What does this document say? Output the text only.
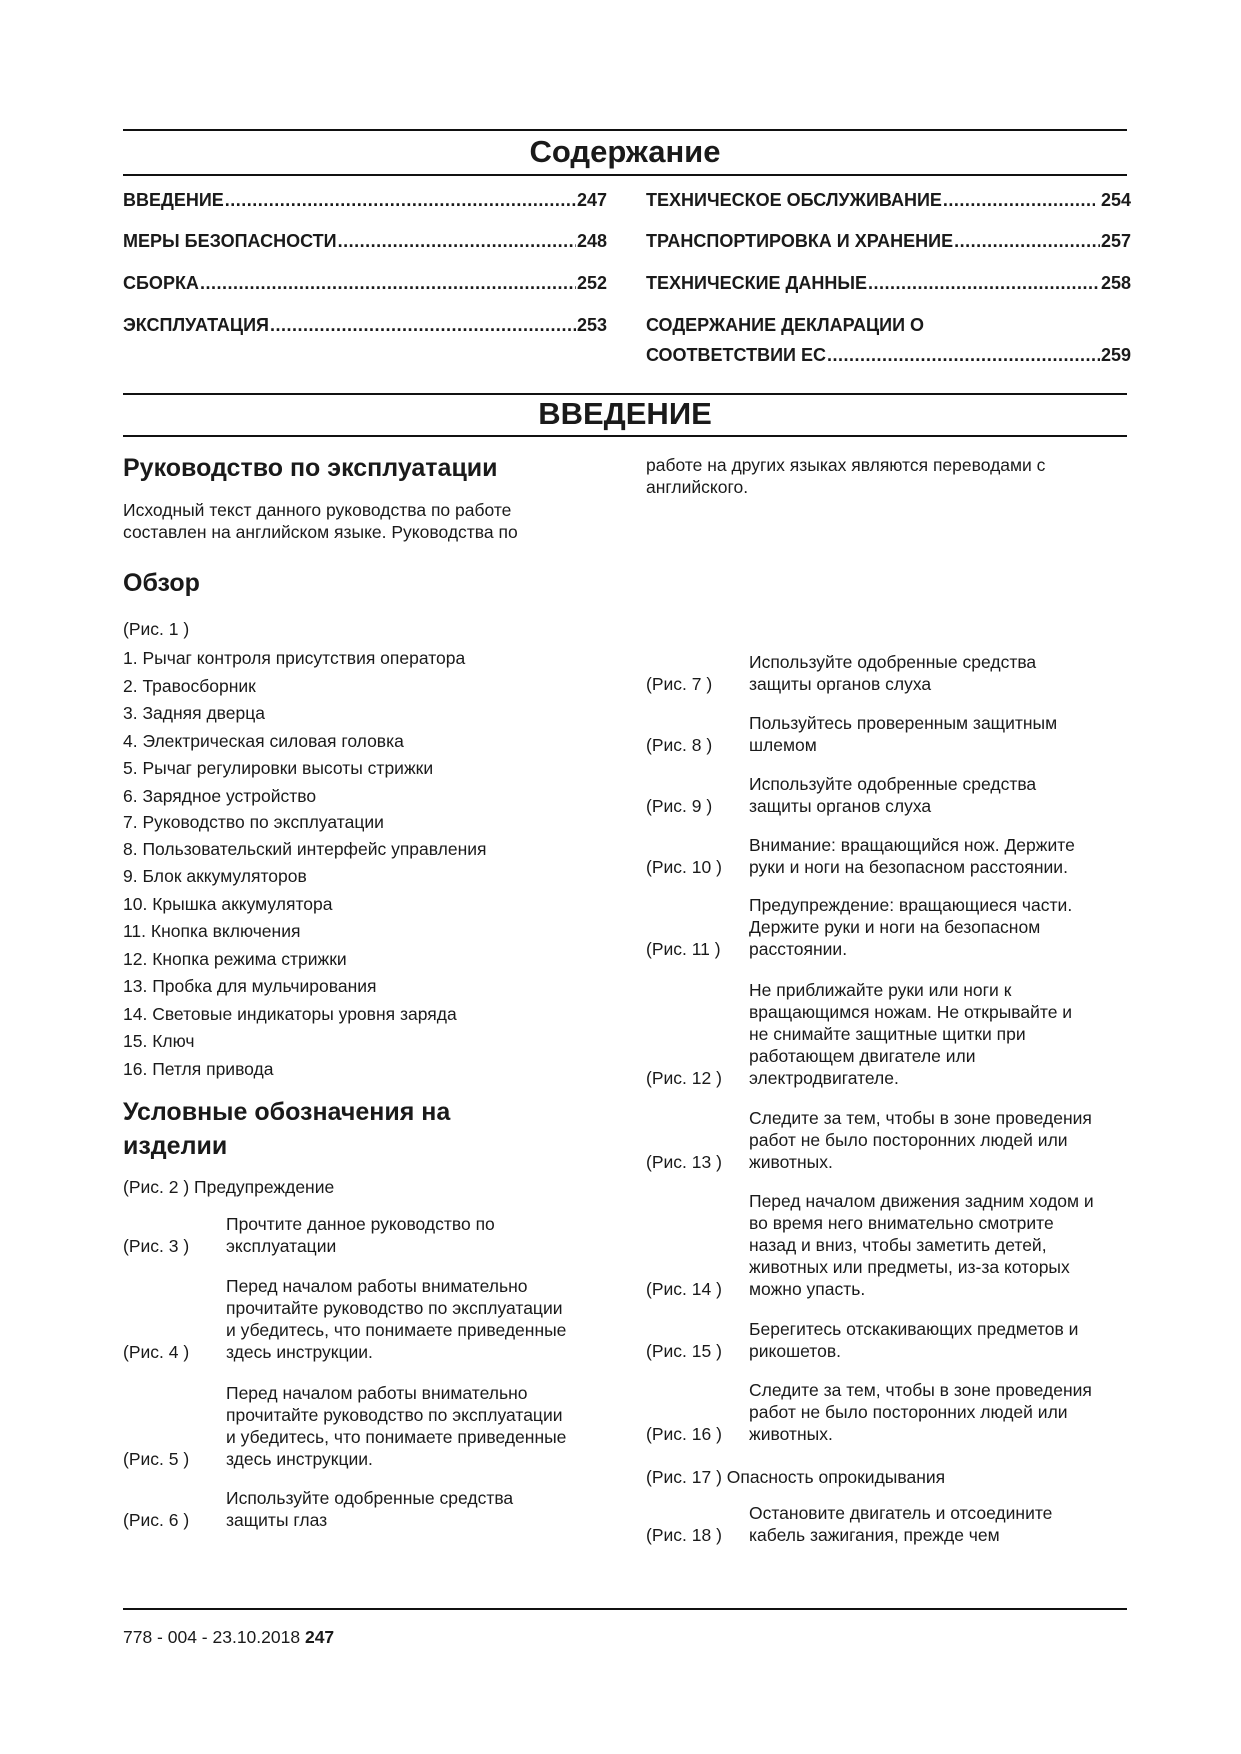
Содержание
ВВЕДЕНИЕ .....	247
МЕРЫ БЕЗОПАСНОСТИ .....	248
СБОРКА .....	252
ЭКСПЛУАТАЦИЯ .....	253
ТЕХНИЧЕСКОЕ ОБСЛУЖИВАНИЕ .....	254
ТРАНСПОРТИРОВКА И ХРАНЕНИЕ .....	257
ТЕХНИЧЕСКИЕ ДАННЫЕ .....	258
СОДЕРЖАНИЕ ДЕКЛАРАЦИИ О
СООТВЕТСТВИИ ЕС .....	259
ВВЕДЕНИЕ
Руководство по эксплуатации
Исходный текст данного руководства по работе
составлен на английском языке. Руководства по
работе на других языках являются переводами с
английского.
Обзор
(Рис. 1 )
1. Рычаг контроля присутствия оператора
2. Травосборник
3. Задняя дверца
4. Электрическая силовая головка
5. Рычаг регулировки высоты стрижки
6. Зарядное устройство
7. Руководство по эксплуатации
8. Пользовательский интерфейс управления
9. Блок аккумуляторов
10. Крышка аккумулятора
11. Кнопка включения
12. Кнопка режима стрижки
13. Пробка для мульчирования
14. Световые индикаторы уровня заряда
15. Ключ
16. Петля привода
Условные обозначения на
изделии
(Рис. 2 ) Предупреждение
(Рис. 3 )
Прочтите данное руководство по
эксплуатации
(Рис. 4 )
Перед началом работы внимательно
прочитайте руководство по эксплуатации
и убедитесь, что понимаете приведенные
здесь инструкции.
(Рис. 5 )
Перед началом работы внимательно
прочитайте руководство по эксплуатации
и убедитесь, что понимаете приведенные
здесь инструкции.
(Рис. 6 )
Используйте одобренные средства
защиты глаз
(Рис. 7 )
Используйте одобренные средства
защиты органов слуха
(Рис. 8 )
Пользуйтесь проверенным защитным
шлемом
(Рис. 9 )
Используйте одобренные средства
защиты органов слуха
(Рис. 10 )
Внимание: вращающийся нож. Держите
руки и ноги на безопасном расстоянии.
(Рис. 11 )
Предупреждение: вращающиеся части.
Держите руки и ноги на безопасном
расстоянии.
(Рис. 12 )
Не приближайте руки или ноги к
вращающимся ножам. Не открывайте и
не снимайте защитные щитки при
работающем двигателе или
электродвигателе.
(Рис. 13 )
Следите за тем, чтобы в зоне проведения
работ не было посторонних людей или
животных.
(Рис. 14 )
Перед началом движения задним ходом и
во время него внимательно смотрите
назад и вниз, чтобы заметить детей,
животных или предметы, из-за которых
можно упасть.
(Рис. 15 )
Берегитесь отскакивающих предметов и
рикошетов.
(Рис. 16 )
Следите за тем, чтобы в зоне проведения
работ не было посторонних людей или
животных.
(Рис. 17 ) Опасность опрокидывания
(Рис. 18 )
Остановите двигатель и отсоедините
кабель зажигания, прежде чем
778 - 004 - 23.10.2018 247
